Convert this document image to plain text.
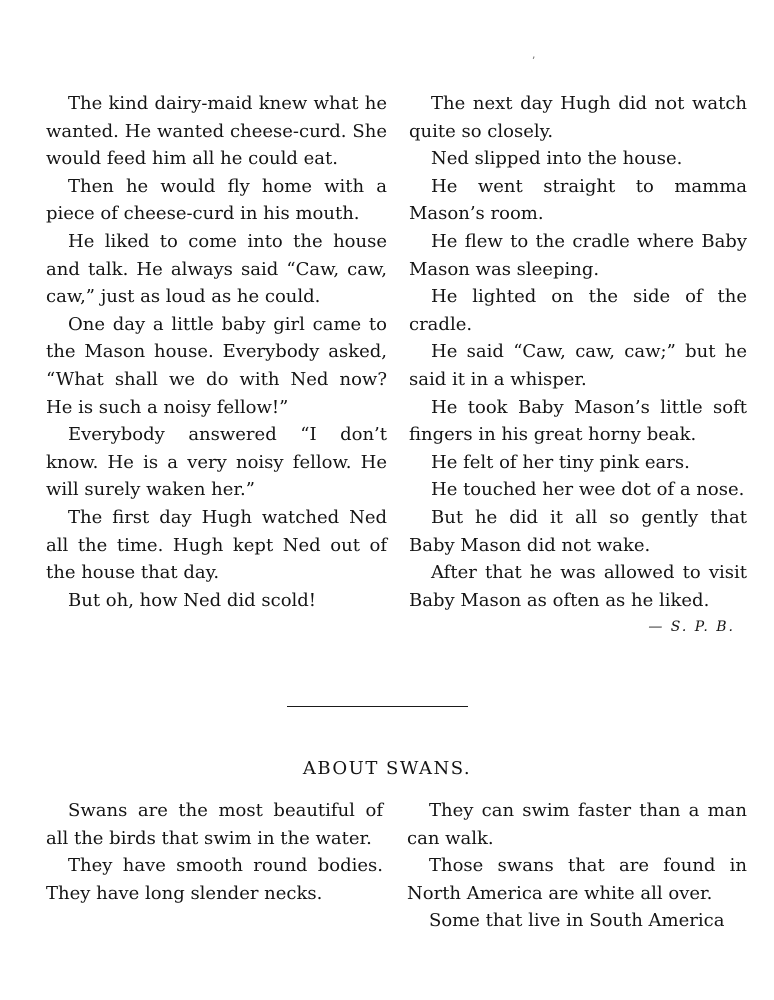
’

The kind dairy-maid knew what he wanted. He wanted cheese-curd. She would feed him all he could eat.

Then he would fly home with a piece of cheese-curd in his mouth.

He liked to come into the house and talk. He always said “Caw, caw, caw,” just as loud as he could.

One day a little baby girl came to the Mason house. Everybody asked, “What shall we do with Ned now? He is such a noisy fellow!”

Everybody answered “I don’t know. He is a very noisy fellow. He will surely waken her.”

The first day Hugh watched Ned all the time. Hugh kept Ned out of the house that day.

But oh, how Ned did scold!

The next day Hugh did not watch quite so closely.

Ned slipped into the house.

He went straight to mamma Mason’s room.

He flew to the cradle where Baby Mason was sleeping.

He lighted on the side of the cradle.

He said “Caw, caw, caw;” but he said it in a whisper.

He took Baby Mason’s little soft fingers in his great horny beak.

He felt of her tiny pink ears.

He touched her wee dot of a nose.

But he did it all so gently that Baby Mason did not wake.

After that he was allowed to visit Baby Mason as often as he liked.

— S. P. B.

ABOUT SWANS.

Swans are the most beautiful of all the birds that swim in the water.

They have smooth round bodies. They have long slender necks.

They can swim faster than a man can walk.

Those swans that are found in North America are white all over.

Some that live in South America
